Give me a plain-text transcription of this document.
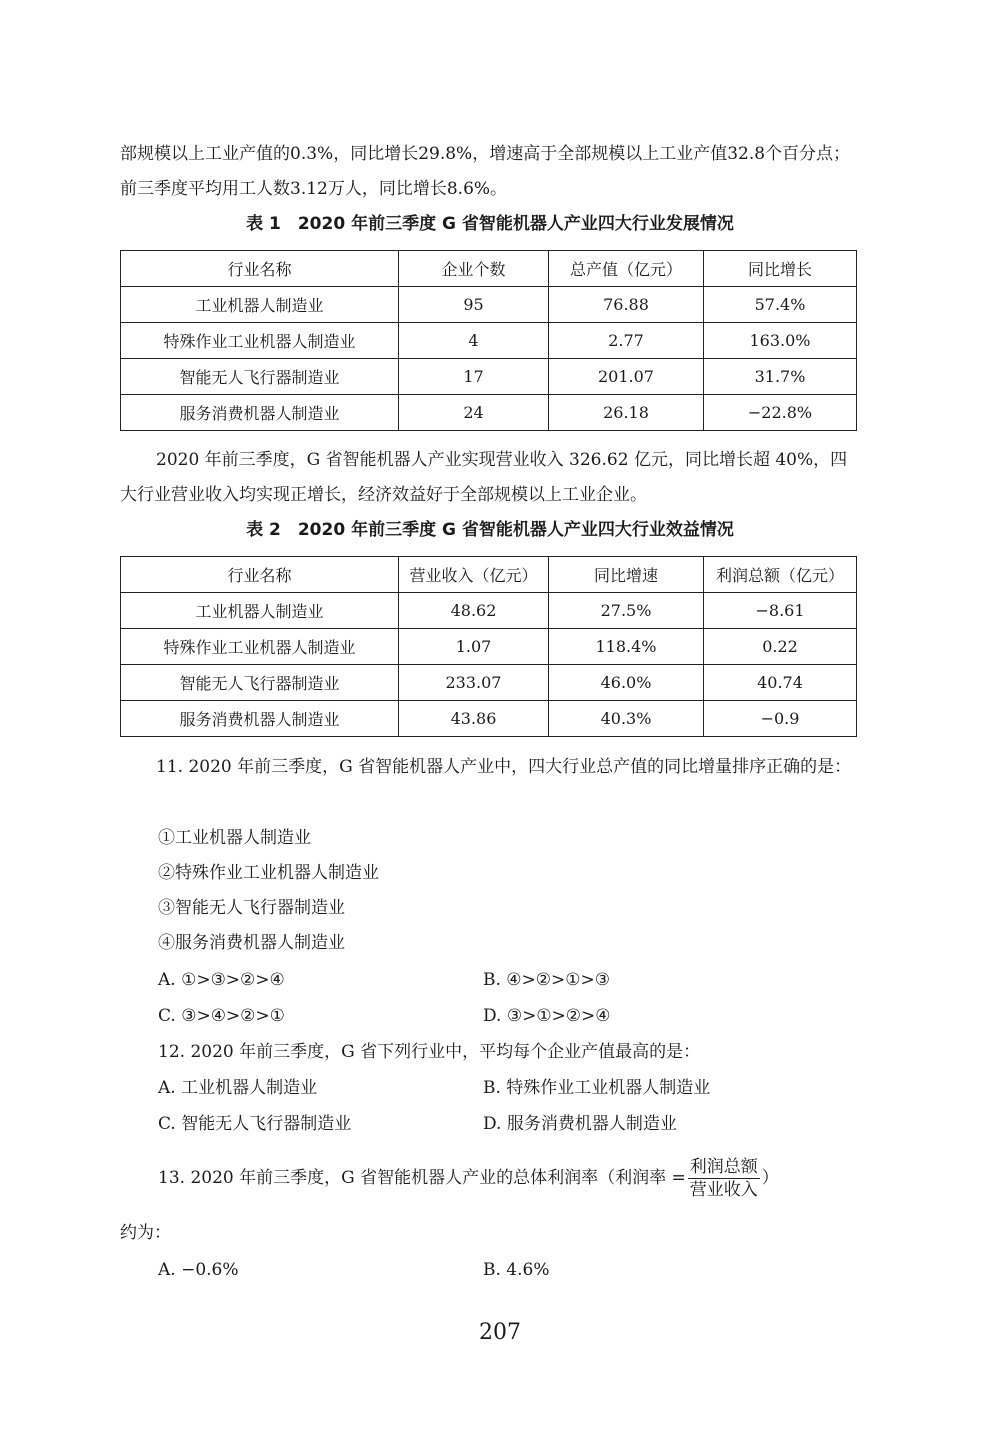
部规模以上工业产值的0.3%，同比增长29.8%，增速高于全部规模以上工业产值32.8个百分点；前三季度平均用工人数3.12万人，同比增长8.6%。

表 1　2020 年前三季度 G 省智能机器人产业四大行业发展情况

行业名称	企业个数	总产值（亿元）	同比增长
工业机器人制造业	95	76.88	57.4%
特殊作业工业机器人制造业	4	2.77	163.0%
智能无人飞行器制造业	17	201.07	31.7%
服务消费机器人制造业	24	26.18	−22.8%

2020 年前三季度，G 省智能机器人产业实现营业收入 326.62 亿元，同比增长超 40%，四大行业营业收入均实现正增长，经济效益好于全部规模以上工业企业。

表 2　2020 年前三季度 G 省智能机器人产业四大行业效益情况

行业名称	营业收入（亿元）	同比增速	利润总额（亿元）
工业机器人制造业	48.62	27.5%	−8.61
特殊作业工业机器人制造业	1.07	118.4%	0.22
智能无人飞行器制造业	233.07	46.0%	40.74
服务消费机器人制造业	43.86	40.3%	−0.9

11. 2020 年前三季度，G 省智能机器人产业中，四大行业总产值的同比增量排序正确的是：

①工业机器人制造业
②特殊作业工业机器人制造业
③智能无人飞行器制造业
④服务消费机器人制造业
A. ①>③>②>④	B. ④>②>①>③
C. ③>④>②>①	D. ③>①>②>④
12. 2020 年前三季度，G 省下列行业中，平均每个企业产值最高的是：
A. 工业机器人制造业	B. 特殊作业工业机器人制造业
C. 智能无人飞行器制造业	D. 服务消费机器人制造业
13. 2020 年前三季度，G 省智能机器人产业的总体利润率（利润率 = $\frac{\text{利润总额}}{\text{营业收入}}$ ）
约为：
A. −0.6%	B. 4.6%
207
